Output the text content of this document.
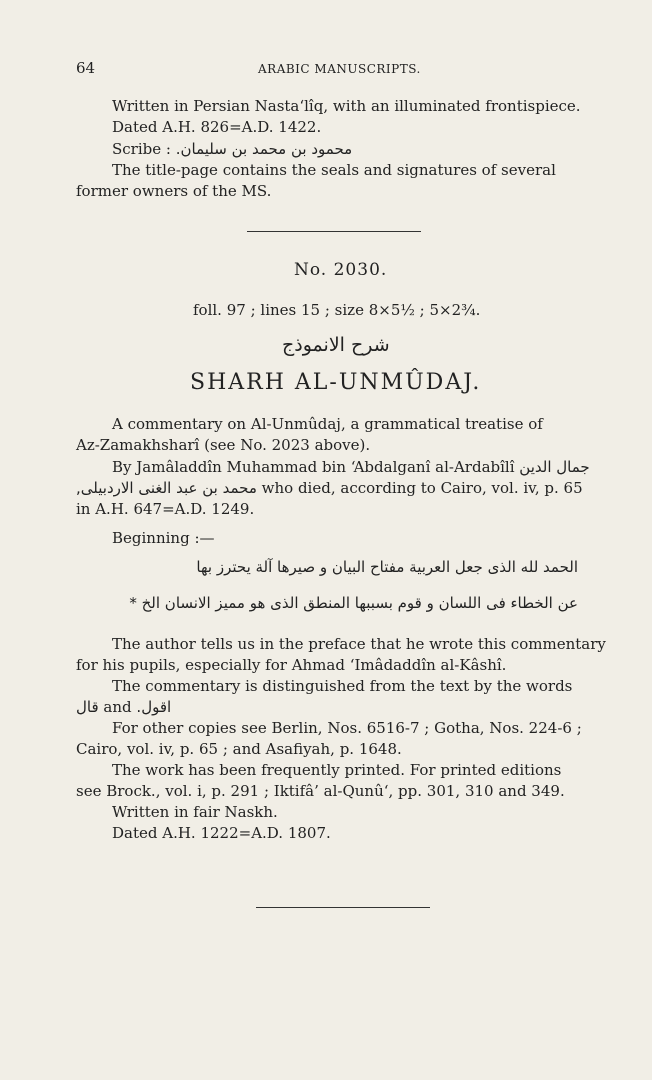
64	ARABIC MANUSCRIPTS.
Written in Persian Nasta‘lîq, with an illuminated frontispiece.
Dated A.H. 826=A.D. 1422.
Scribe : محمود بن محمد بن سليمان.
The title-page contains the seals and signatures of several
former owners of the MS.
No. 2030.
foll. 97 ; lines 15 ; size 8×5½ ; 5×2¾.
شرح الانموذج
SHARH AL-UNMÛDAJ.
A commentary on Al-Unmûdaj, a grammatical treatise of
Az-Zamakhsharî (see No. 2023 above).
By Jamâladdîn Muhammad bin ‘Abdalganî al-Ardabîlî جمال الدين
محمد بن عبد الغنى الاردبيلى, who died, according to Cairo, vol. iv, p. 65
in A.H. 647=A.D. 1249.
Beginning :—
الحمد لله الذى جعل العربية مفتاح البيان و صيرها آلة يحترز بها
عن الخطاء فى اللسان و قوم بسببها المنطق الذى هو مميز الانسان الخ *
The author tells us in the preface that he wrote this commentary
for his pupils, especially for Ahmad ‘Imâdaddîn al-Kâshî.
The commentary is distinguished from the text by the words
قال and اقول.
For other copies see Berlin, Nos. 6516-7 ; Gotha, Nos. 224-6 ;
Cairo, vol. iv, p. 65 ; and Asafiyah, p. 1648.
The work has been frequently printed. For printed editions
see Brock., vol. i, p. 291 ; Iktifâ’ al-Qunû‘, pp. 301, 310 and 349.
Written in fair Naskh.
Dated A.H. 1222=A.D. 1807.
